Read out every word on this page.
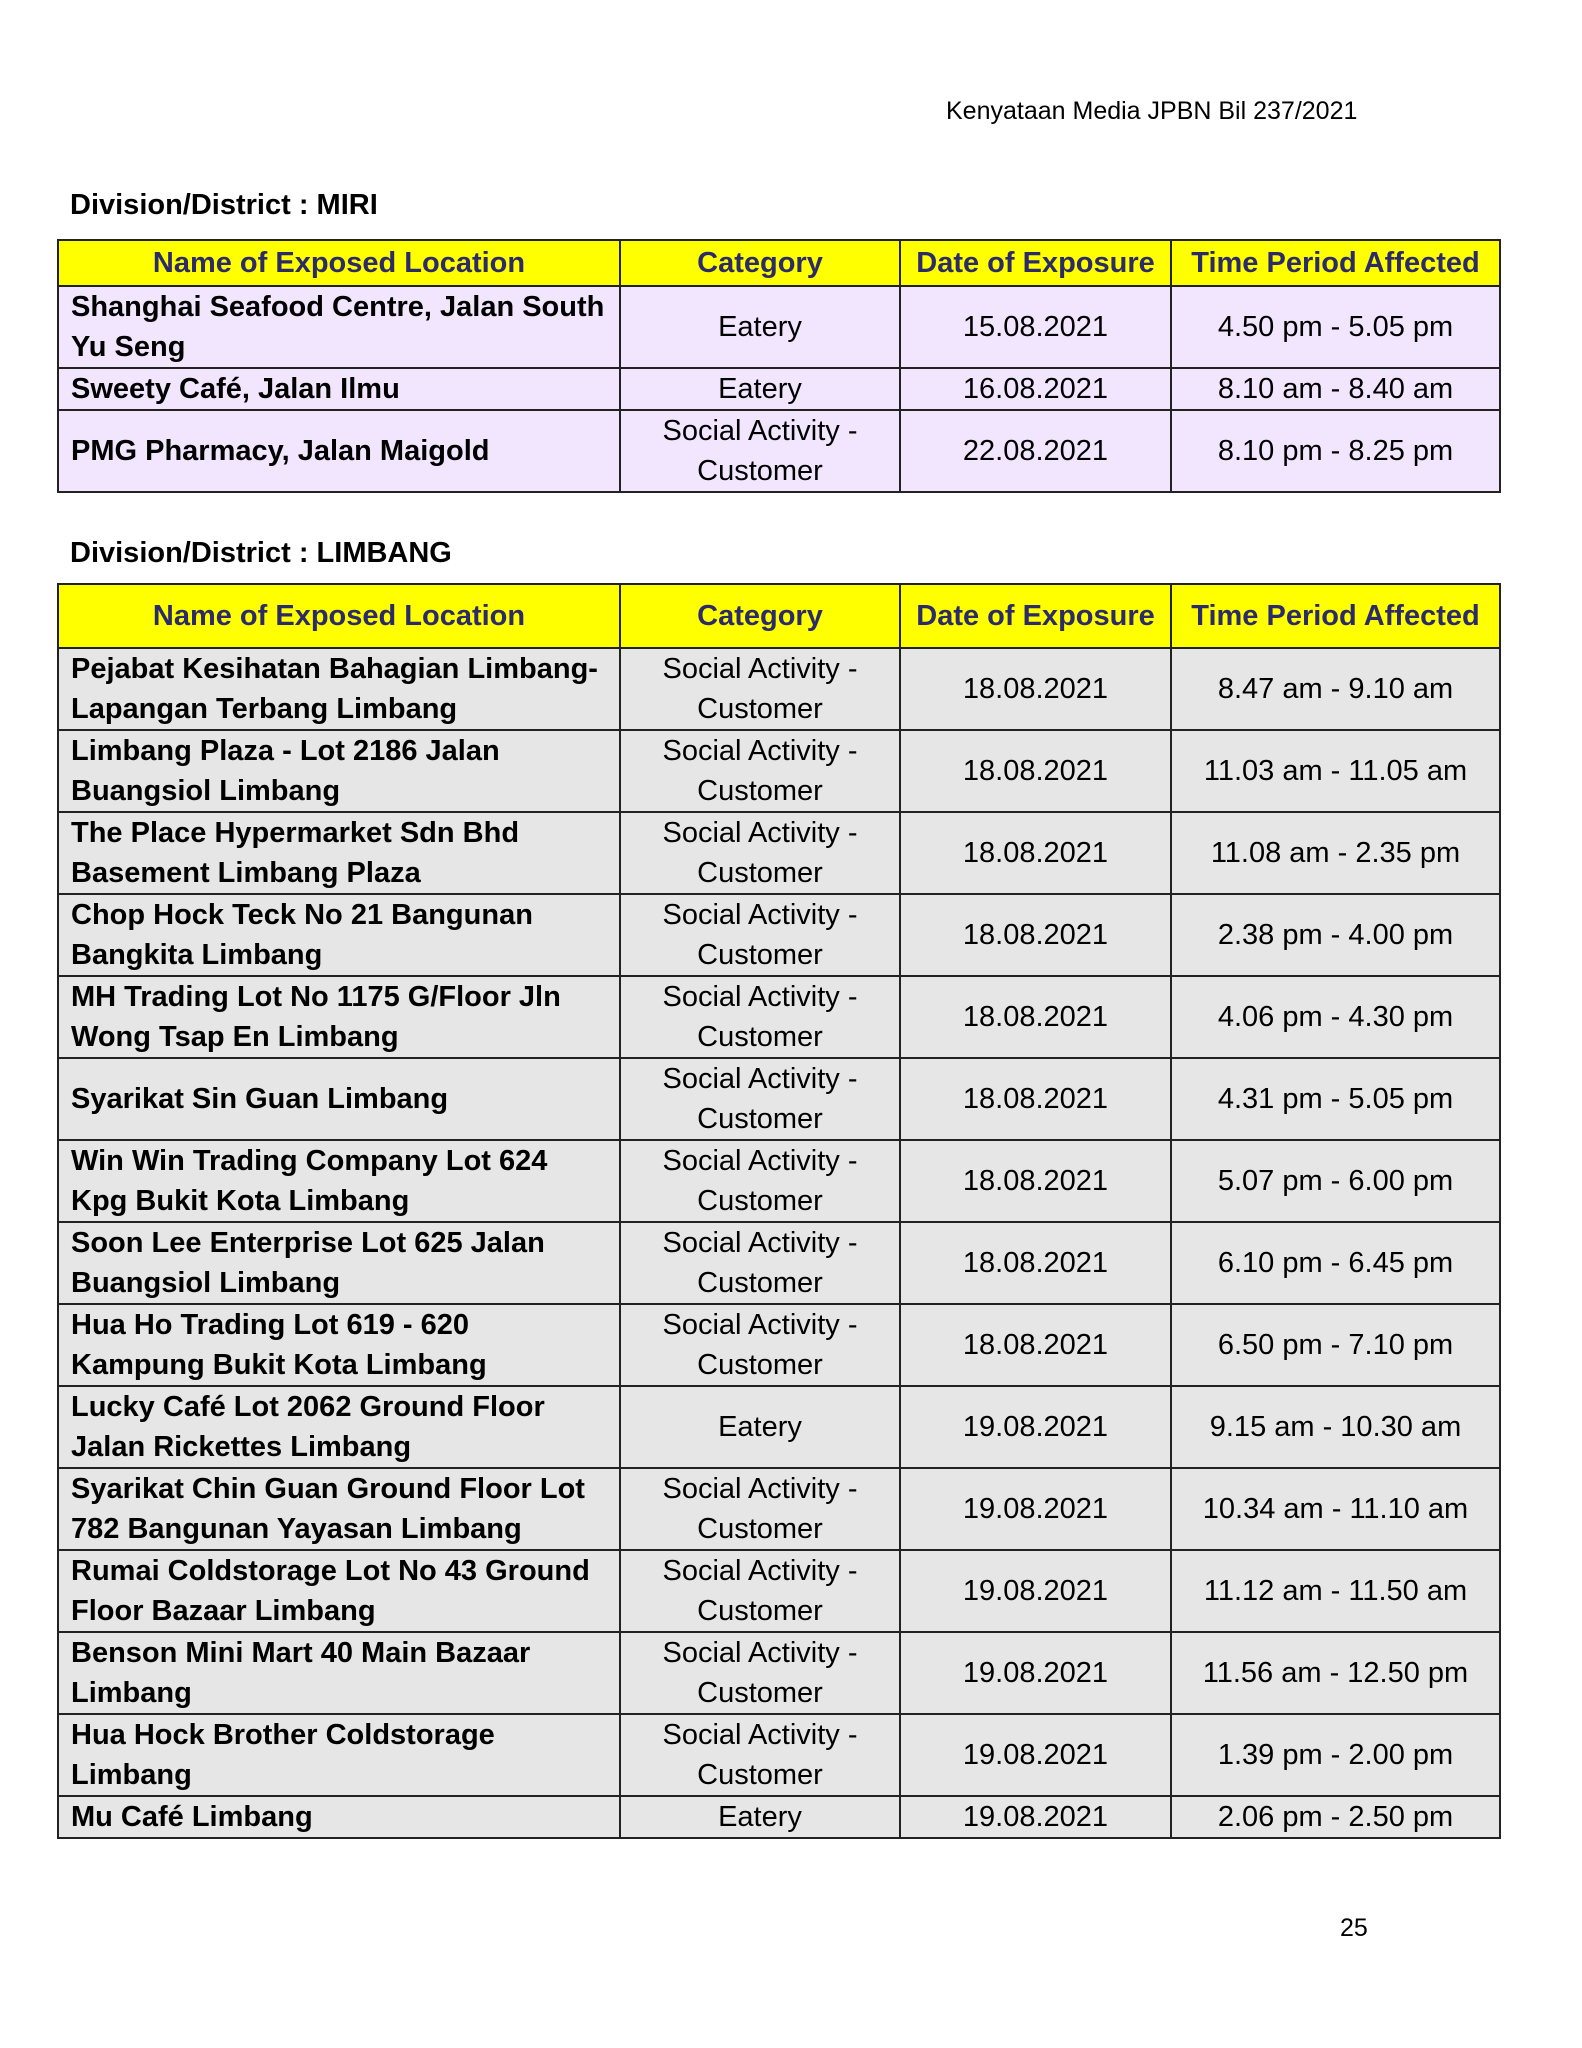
Kenyataan Media JPBN Bil 237/2021
Division/District : MIRI
Name of Exposed Location	Category	Date of Exposure	Time Period Affected
Shanghai Seafood Centre, Jalan South Yu Seng	Eatery	15.08.2021	4.50 pm - 5.05 pm
Sweety Café, Jalan Ilmu	Eatery	16.08.2021	8.10 am - 8.40 am
PMG Pharmacy, Jalan Maigold	Social Activity - Customer	22.08.2021	8.10 pm - 8.25 pm
Division/District : LIMBANG
Name of Exposed Location	Category	Date of Exposure	Time Period Affected
Pejabat Kesihatan Bahagian Limbang-Lapangan Terbang Limbang	Social Activity - Customer	18.08.2021	8.47 am - 9.10 am
Limbang Plaza - Lot 2186 Jalan Buangsiol Limbang	Social Activity - Customer	18.08.2021	11.03 am - 11.05 am
The Place Hypermarket Sdn Bhd Basement Limbang Plaza	Social Activity - Customer	18.08.2021	11.08 am - 2.35 pm
Chop Hock Teck No 21 Bangunan Bangkita Limbang	Social Activity - Customer	18.08.2021	2.38 pm - 4.00 pm
MH Trading Lot No 1175 G/Floor Jln Wong Tsap En Limbang	Social Activity - Customer	18.08.2021	4.06 pm - 4.30 pm
Syarikat Sin Guan Limbang	Social Activity - Customer	18.08.2021	4.31 pm - 5.05 pm
Win Win Trading Company Lot 624 Kpg Bukit Kota Limbang	Social Activity - Customer	18.08.2021	5.07 pm - 6.00 pm
Soon Lee Enterprise Lot 625 Jalan Buangsiol Limbang	Social Activity - Customer	18.08.2021	6.10 pm - 6.45 pm
Hua Ho Trading Lot 619 - 620 Kampung Bukit Kota Limbang	Social Activity - Customer	18.08.2021	6.50 pm - 7.10 pm
Lucky Café Lot 2062 Ground Floor Jalan Rickettes Limbang	Eatery	19.08.2021	9.15 am - 10.30 am
Syarikat Chin Guan Ground Floor Lot 782 Bangunan Yayasan Limbang	Social Activity - Customer	19.08.2021	10.34 am - 11.10 am
Rumai Coldstorage Lot No 43 Ground Floor Bazaar Limbang	Social Activity - Customer	19.08.2021	11.12 am - 11.50 am
Benson Mini Mart 40 Main Bazaar Limbang	Social Activity - Customer	19.08.2021	11.56 am - 12.50 pm
Hua Hock Brother Coldstorage Limbang	Social Activity - Customer	19.08.2021	1.39 pm - 2.00 pm
Mu Café Limbang	Eatery	19.08.2021	2.06 pm - 2.50 pm
25
